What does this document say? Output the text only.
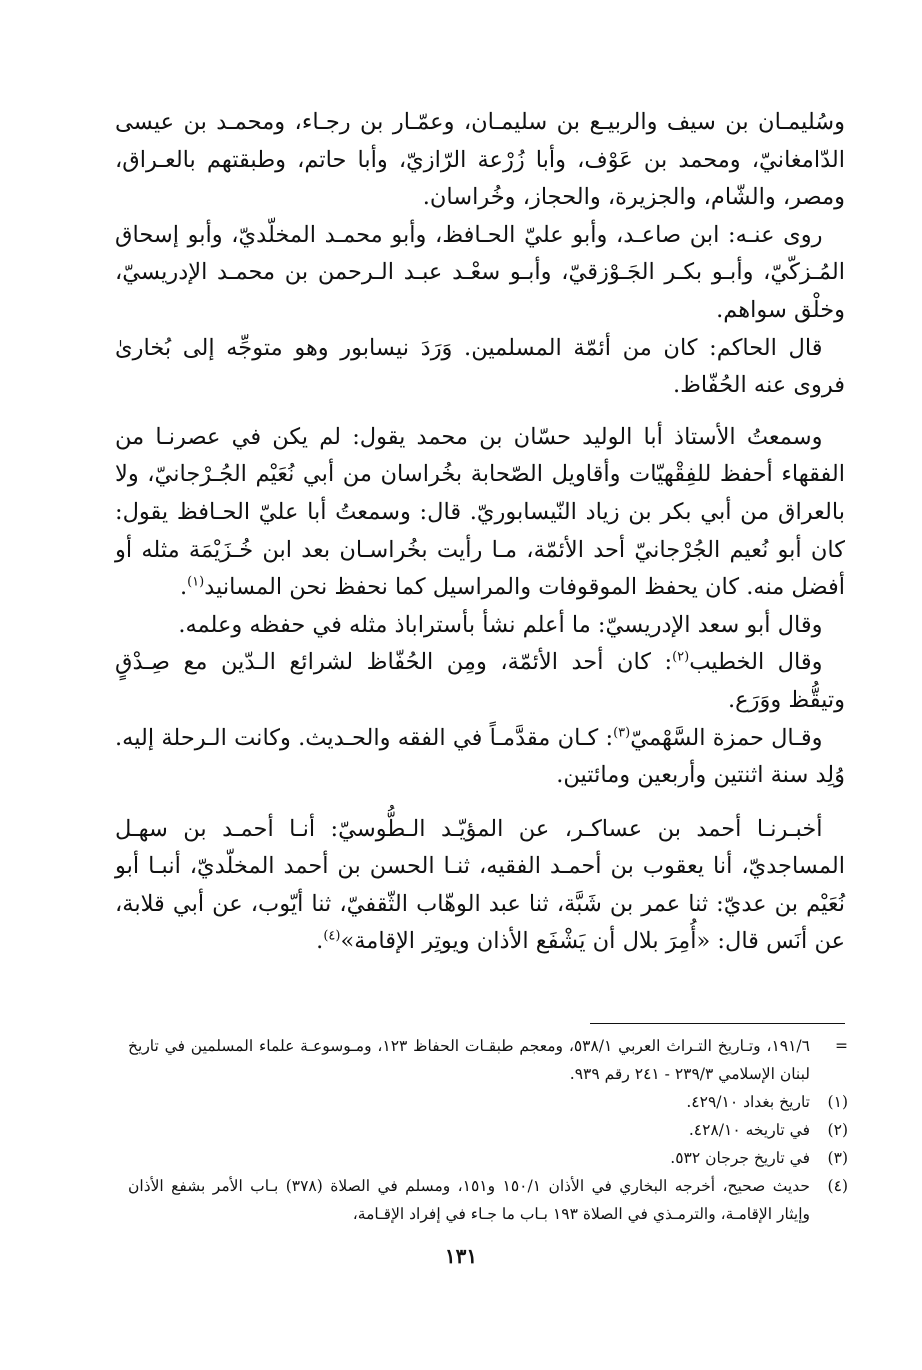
وسُليمـان بن سيف والربيـع بن سليمـان، وعمّـار بن رجـاء، ومحمـد بن عيسى الدّامغانيّ، ومحمد بن عَوْف، وأبا زُرْعة الرّازيّ، وأبا حاتم، وطبقتهم بالعـراق، ومصر، والشّام، والجزيرة، والحجاز، وخُراسان.

 روى عنـه: ابن صاعـد، وأبو عليّ الحـافظ، وأبو محمـد المخلّديّ، وأبو إسحاق المُـزكّيّ، وأبـو بكـر الجَـوْزقيّ، وأبـو سعْـد عبـد الـرحمن بن محمـد الإدريسيّ، وخلْق سواهم.

 قال الحاكم: كان من أئمّة المسلمين. وَرَدَ نيسابور وهو متوجِّه إلى بُخارىٰ فروى عنه الحُفّاظ.

 وسمعتُ الأستاذ أبا الوليد حسّان بن محمد يقول: لم يكن في عصرنـا من الفقهاء أحفظ للفِقْهيّات وأقاويل الصّحابة بخُراسان من أبي نُعَيْم الجُـرْجانيّ، ولا بالعراق من أبي بكر بن زياد النّيسابوريّ. قال: وسمعتُ أبا عليّ الحـافظ يقول: كان أبو نُعيم الجُرْجانيّ أحد الأئمّة، مـا رأيت بخُراسـان بعد ابن خُـزَيْمَة مثله أو أفضل منه. كان يحفظ الموقوفات والمراسيل كما نحفظ نحن المسانيد$^{(١)}$.

 وقال أبو سعد الإدريسيّ: ما أعلم نشأ بأستراباذ مثله في حفظه وعلمه.

 وقال الخطيب$^{(٢)}$: كان أحد الأئمّة، ومِن الحُفّاظ لشرائع الـدّين مع صِـدْقٍ وتيقُّظ ووَرَع.

 وقـال حمزة السَّهْميّ$^{(٣)}$: كـان مقدَّمـاً في الفقه والحـديث. وكانت الـرحلة إليه. وُلِد سنة اثنتين وأربعين ومائتين.

 أخبـرنـا أحمد بن عساكـر، عن المؤيّـد الـطُّوسيّ: أنـا أحمـد بن سهـل المساجديّ، أنا يعقوب بن أحمـد الفقيه، ثنـا الحسن بن أحمد المخلّديّ، أنبـا أبو نُعَيْم بن عديّ: ثنا عمر بن شَبَّة، ثنا عبد الوهّاب الثّقفيّ، ثنا أيّوب، عن أبي قلابة، عن أنَس قال: «أُمِرَ بلال أن يَشْفَع الأذان ويوتِر الإقامة»$^{(٤)}$.

=
١٩١/٦، وتـاريخ التـراث العربي ٥٣٨/١، ومعجم طبقـات الحفاظ ١٢٣، ومـوسوعـة علماء المسلمين في تاريخ لبنان الإسلامي ٢٣٩/٣ - ٢٤١ رقم ٩٣٩.
(١)
تاريخ بغداد ٤٢٩/١٠.
(٢)
في تاريخه ٤٢٨/١٠.
(٣)
في تاريخ جرجان ٥٣٢.
(٤)
حديث صحيح، أخرجه البخاري في الأذان ١٥٠/١ و١٥١، ومسلم في الصلاة (٣٧٨) بـاب الأمر بشفع الأذان وإيثار الإقامـة، والترمـذي في الصلاة ١٩٣ بـاب ما جـاء في إفراد الإقـامة،
١٣١
